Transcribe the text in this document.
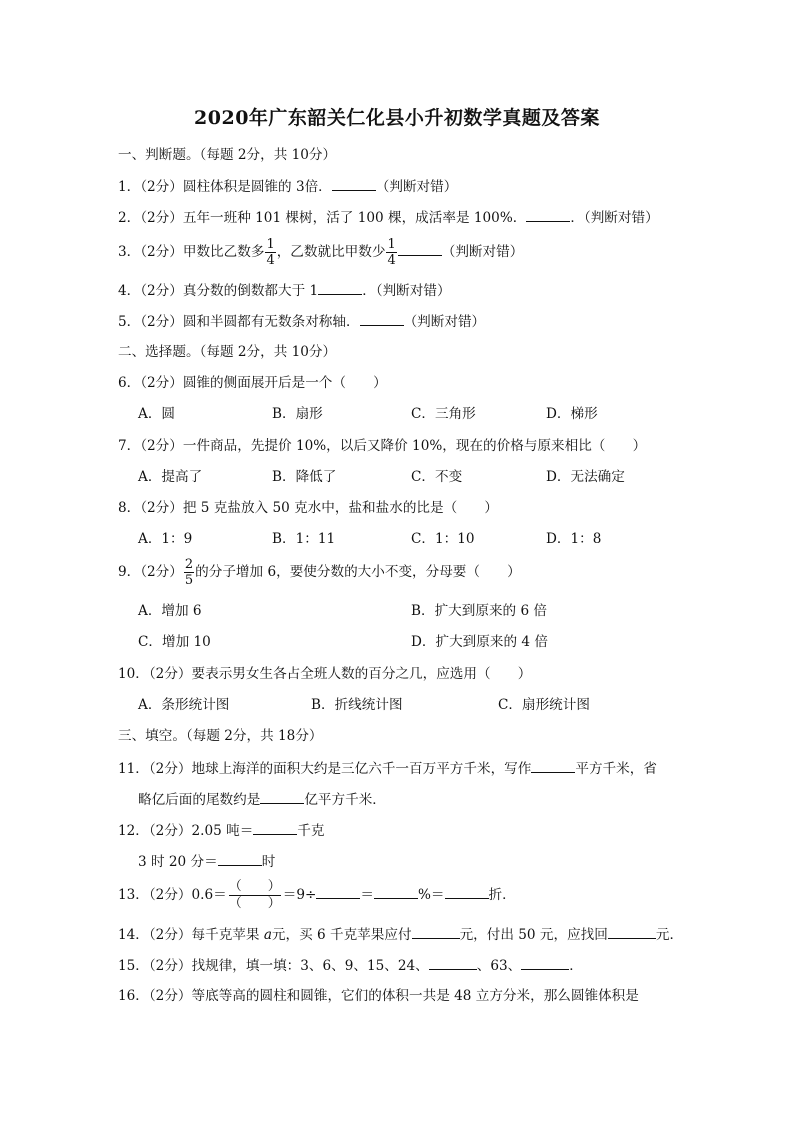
2020年广东韶关仁化县小升初数学真题及答案
一、判断题。（每题 2分，共 10分）
1．（2分）圆柱体积是圆锥的 3倍．	（判断对错）
2．（2分）五年一班种 101 棵树，活了 100 棵，成活率是 100%．	．（判断对错）
3．（2分）甲数比乙数多 $\frac{1}{4}$ ，乙数就比甲数少 $\frac{1}{4}$	（判断对错）
4．（2分）真分数的倒数都大于 1	．（判断对错）
5．（2分）圆和半圆都有无数条对称轴．	（判断对错）
二、选择题。（每题 2分，共 10分）
6．（2分）圆锥的侧面展开后是一个（　　）
A．圆	B．扇形	C．三角形	D．梯形
7．（2分）一件商品，先提价 10%，以后又降价 10%，现在的价格与原来相比（　　）
A．提高了	B．降低了	C．不变	D．无法确定
8．（2分）把 5 克盐放入 50 克水中，盐和盐水的比是（　　）
A．1：9	B．1：11	C．1：10	D．1：8
9．（2分） $\frac{2}{5}$ 的分子增加 6，要使分数的大小不变，分母要（　　）
A．增加 6	B．扩大到原来的 6 倍
C．增加 10	D．扩大到原来的 4 倍
10．（2分）要表示男女生各占全班人数的百分之几，应选用（　　）
A．条形统计图	B．折线统计图	C．扇形统计图
三、填空。（每题 2分，共 18分）
11．（2分）地球上海洋的面积大约是三亿六千一百万平方千米，写作	平方千米，省
略亿后面的尾数约是	亿平方千米．
12．（2分）2.05 吨＝	千克
3 时 20 分＝	时
13．（2分）$0.6= \frac{( )}{( )} =9\div$	＝	%＝	折．
14．（2分）每千克苹果 a元，买 6 千克苹果应付	元，付出 50 元，应找回	元．
15．（2分）找规律，填一填：3、6、9、15、24、	、63、	．
16．（2分）等底等高的圆柱和圆锥，它们的体积一共是 48 立方分米，那么圆锥体积是
